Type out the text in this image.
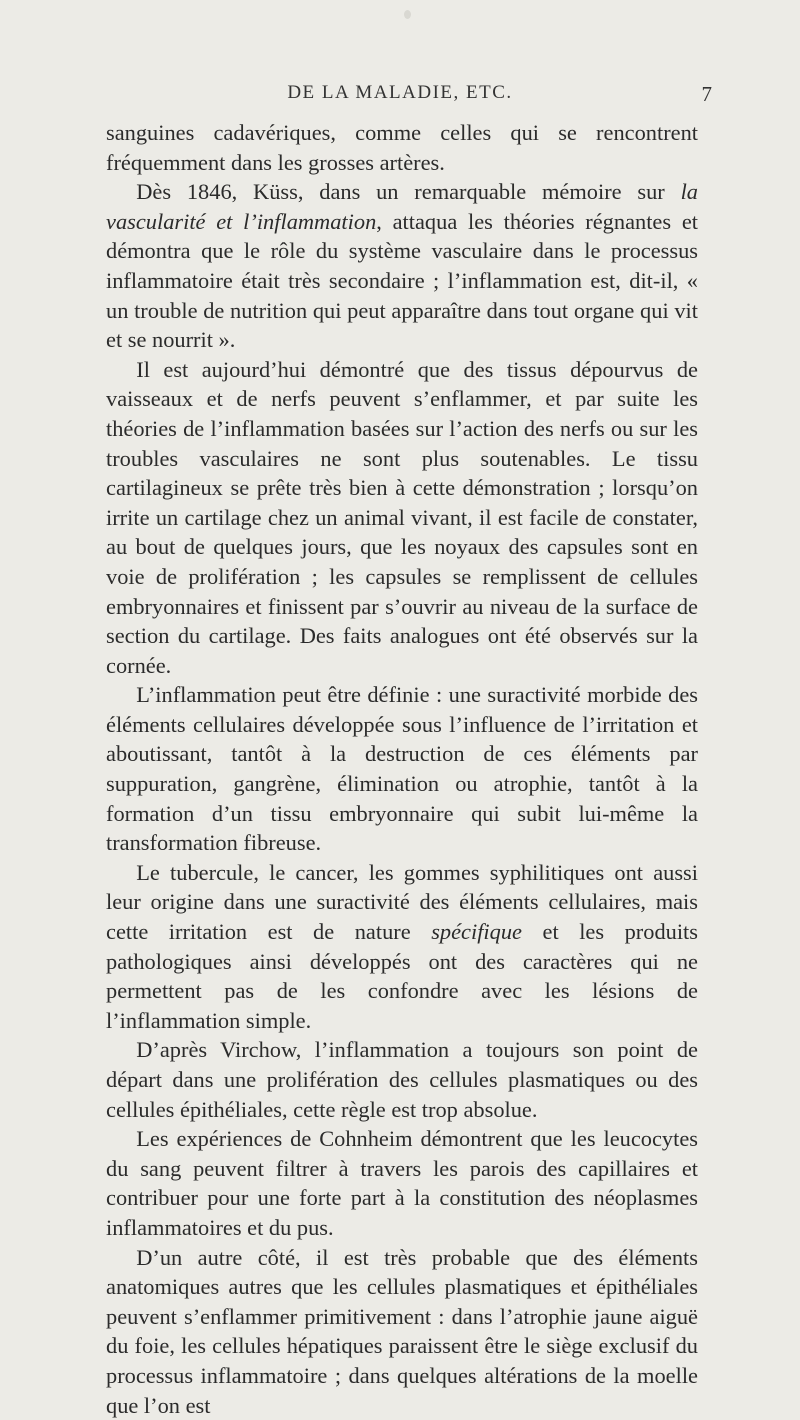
DE LA MALADIE, ETC.	7

sanguines cadavériques, comme celles qui se rencontrent fréquemment dans les grosses artères.

Dès 1846, Küss, dans un remarquable mémoire sur la vascularité et l’inflammation, attaqua les théories régnantes et démontra que le rôle du système vasculaire dans le processus inflammatoire était très secondaire ; l’inflammation est, dit-il, « un trouble de nutrition qui peut apparaître dans tout organe qui vit et se nourrit ».

Il est aujourd’hui démontré que des tissus dépourvus de vaisseaux et de nerfs peuvent s’enflammer, et par suite les théories de l’inflammation basées sur l’action des nerfs ou sur les troubles vasculaires ne sont plus soutenables. Le tissu cartilagineux se prête très bien à cette démonstration ; lorsqu’on irrite un cartilage chez un animal vivant, il est facile de constater, au bout de quelques jours, que les noyaux des capsules sont en voie de prolifération ; les capsules se remplissent de cellules embryonnaires et finissent par s’ouvrir au niveau de la surface de section du cartilage. Des faits analogues ont été observés sur la cornée.

L’inflammation peut être définie : une suractivité morbide des éléments cellulaires développée sous l’influence de l’irritation et aboutissant, tantôt à la destruction de ces éléments par suppuration, gangrène, élimination ou atrophie, tantôt à la formation d’un tissu embryonnaire qui subit lui-même la transformation fibreuse.

Le tubercule, le cancer, les gommes syphilitiques ont aussi leur origine dans une suractivité des éléments cellulaires, mais cette irritation est de nature spécifique et les produits pathologiques ainsi développés ont des caractères qui ne permettent pas de les confondre avec les lésions de l’inflammation simple.

D’après Virchow, l’inflammation a toujours son point de départ dans une prolifération des cellules plasmatiques ou des cellules épithéliales, cette règle est trop absolue.

Les expériences de Cohnheim démontrent que les leucocytes du sang peuvent filtrer à travers les parois des capillaires et contribuer pour une forte part à la constitution des néoplasmes inflammatoires et du pus.

D’un autre côté, il est très probable que des éléments anatomiques autres que les cellules plasmatiques et épithéliales peuvent s’enflammer primitivement : dans l’atrophie jaune aiguë du foie, les cellules hépatiques paraissent être le siège exclusif du processus inflammatoire ; dans quelques altérations de la moelle que l’on est
